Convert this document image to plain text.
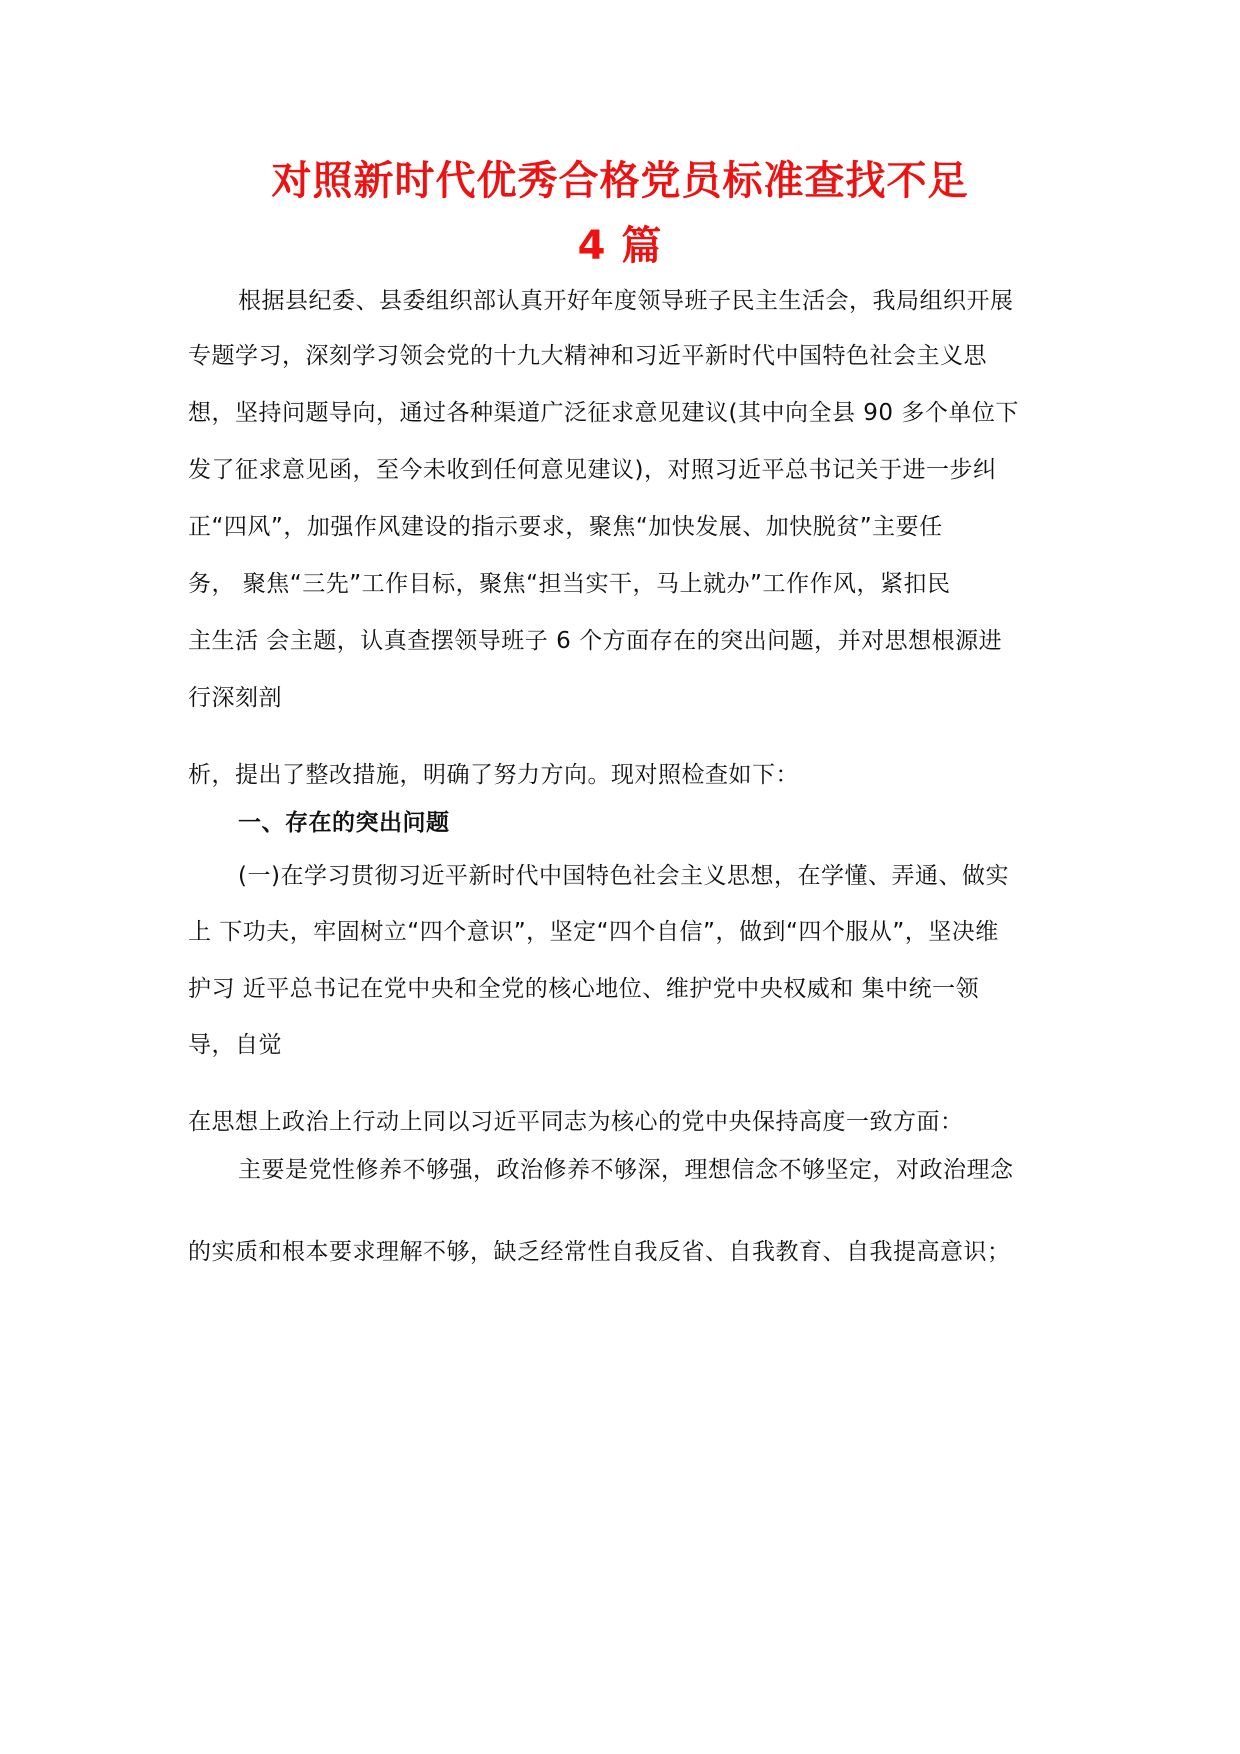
对照新时代优秀合格党员标准查找不足
4 篇
根据县纪委、县委组织部认真开好年度领导班子民主生活会，我局组织开展
专题学习，深刻学习领会党的十九大精神和习近平新时代中国特色社会主义思
想，坚持问题导向，通过各种渠道广泛征求意见建议(其中向全县 90 多个单位下
发了征求意见函，至今未收到任何意见建议)，对照习近平总书记关于进一步纠
正“四风”，加强作风建设的指示要求，聚焦“加快发展、加快脱贫”主要任
务， 聚焦“三先”工作目标，聚焦“担当实干，马上就办”工作作风，紧扣民
主生活 会主题，认真查摆领导班子 6 个方面存在的突出问题，并对思想根源进
行深刻剖
析，提出了整改措施，明确了努力方向。现对照检查如下：
一、存在的突出问题
(一)在学习贯彻习近平新时代中国特色社会主义思想，在学懂、弄通、做实
上 下功夫，牢固树立“四个意识”，坚定“四个自信”，做到“四个服从”，坚决维
护习 近平总书记在党中央和全党的核心地位、维护党中央权威和 集中统一领
导，自觉
在思想上政治上行动上同以习近平同志为核心的党中央保持高度一致方面：
主要是党性修养不够强，政治修养不够深，理想信念不够坚定，对政治理念
的实质和根本要求理解不够，缺乏经常性自我反省、自我教育、自我提高意识；
